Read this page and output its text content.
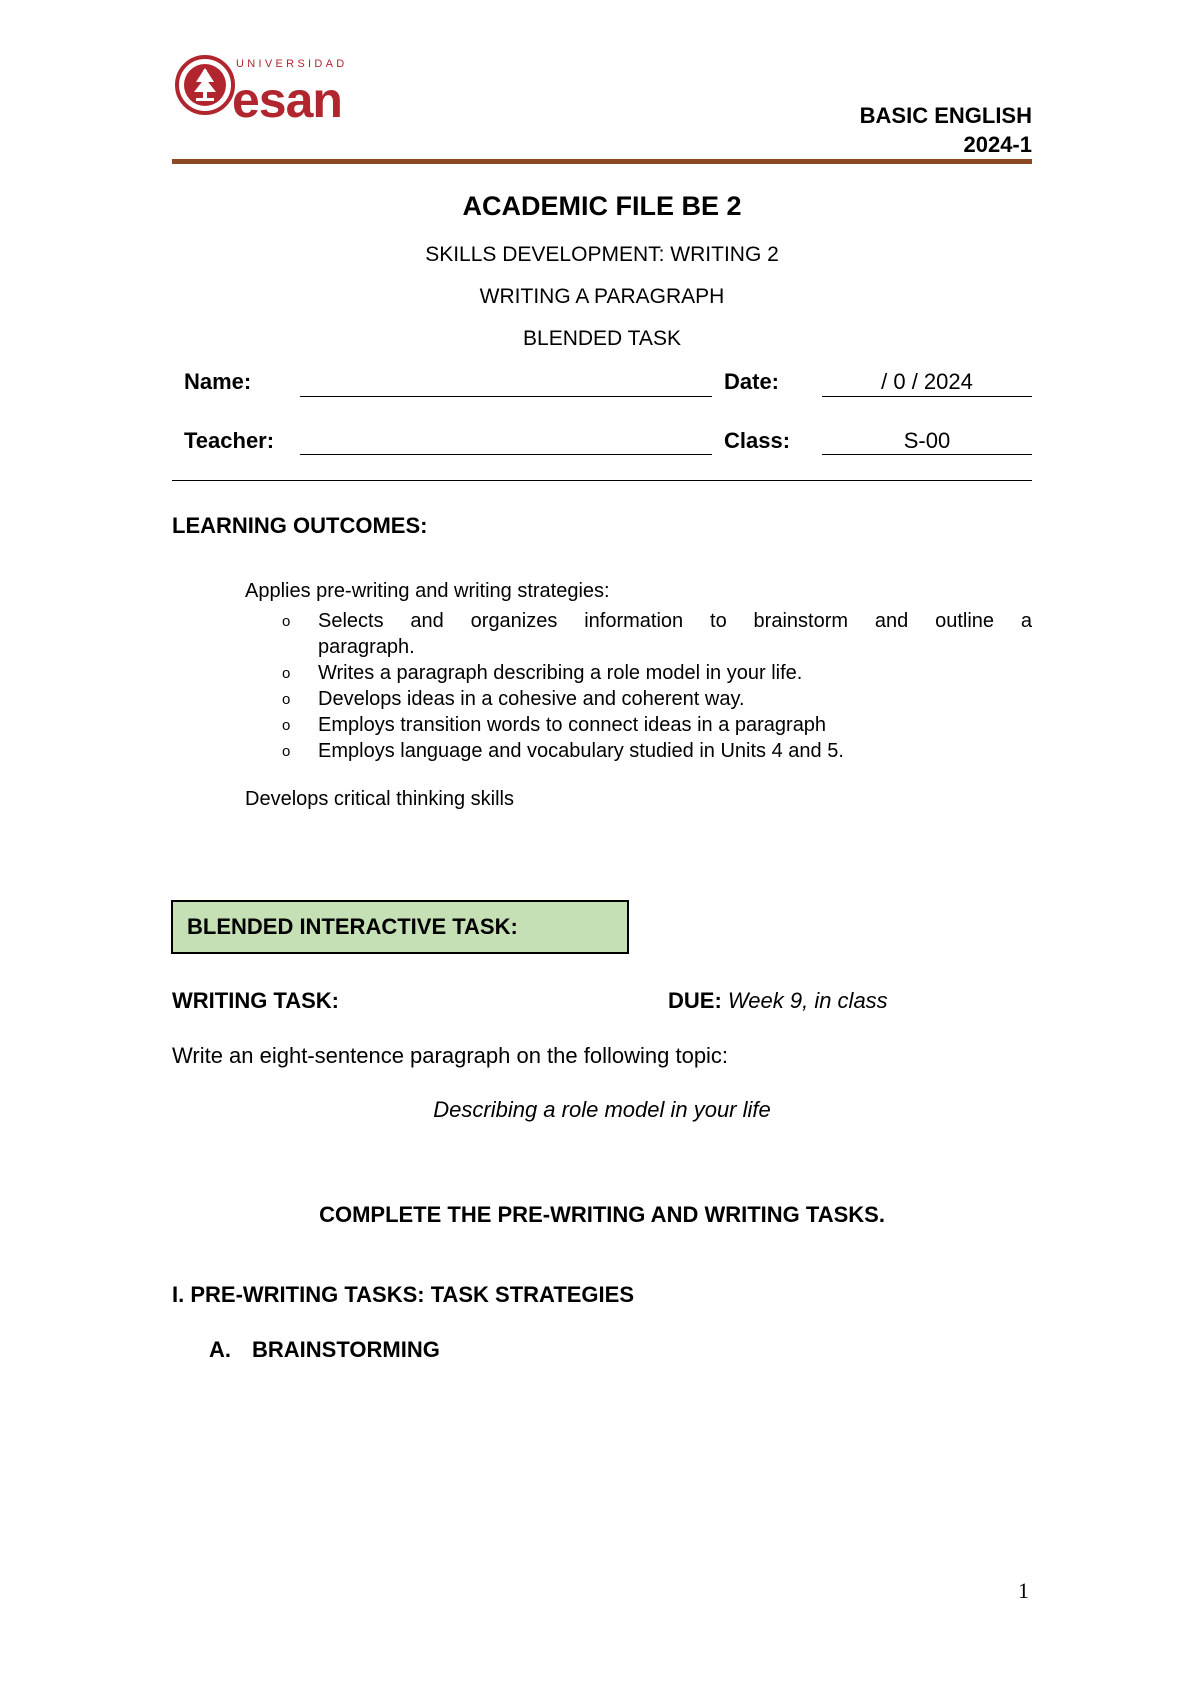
UNIVERSIDAD
esan	BASIC ENGLISH
2024-1
ACADEMIC FILE BE 2
SKILLS DEVELOPMENT: WRITING 2
WRITING A PARAGRAPH
BLENDED TASK
Name:	Date:	/ 0 / 2024
Teacher:	Class:	S-00
LEARNING OUTCOMES:
Applies pre-writing and writing strategies:
o Selects and organizes information to brainstorm and outline a
paragraph.
o Writes a paragraph describing a role model in your life.
o Develops ideas in a cohesive and coherent way.
o Employs transition words to connect ideas in a paragraph
o Employs language and vocabulary studied in Units 4 and 5.
Develops critical thinking skills
BLENDED INTERACTIVE TASK:
WRITING TASK:	DUE: Week 9, in class
Write an eight-sentence paragraph on the following topic:
Describing a role model in your life
COMPLETE THE PRE-WRITING AND WRITING TASKS.
I. PRE-WRITING TASKS: TASK STRATEGIES
A. BRAINSTORMING
1
